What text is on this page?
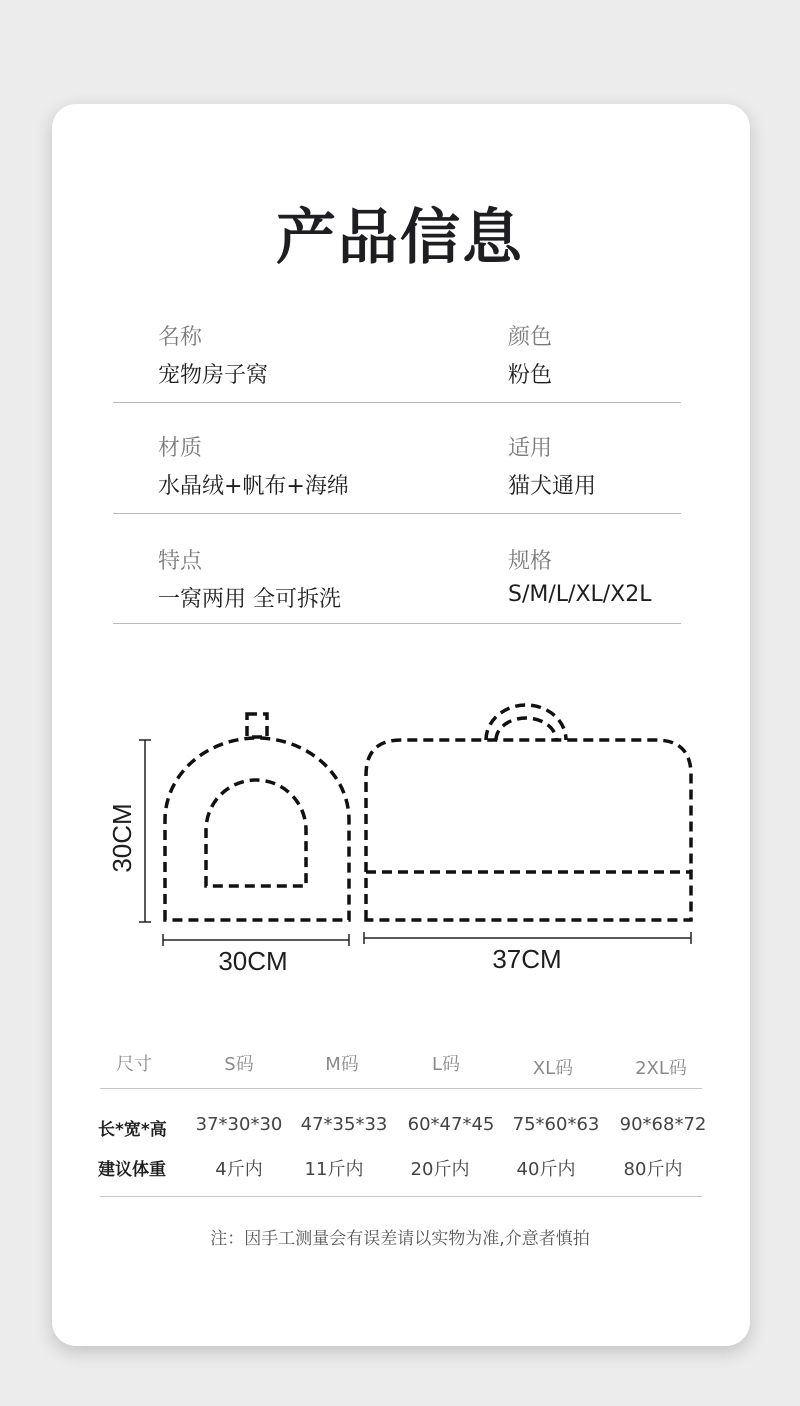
产品信息
名称
宠物房子窝
颜色
粉色
材质
水晶绒+帆布+海绵
适用
猫犬通用
特点
一窝两用 全可拆洗
规格
S/M/L/XL/X2L
30CM
30CM	37CM
尺寸	S码	M码	L码	XL码	2XL码
长*宽*高	37*30*30	47*35*33	60*47*45	75*60*63	90*68*72
建议体重	4斤内	11斤内	20斤内	40斤内	80斤内
注：因手工测量会有误差请以实物为准,介意者慎拍
